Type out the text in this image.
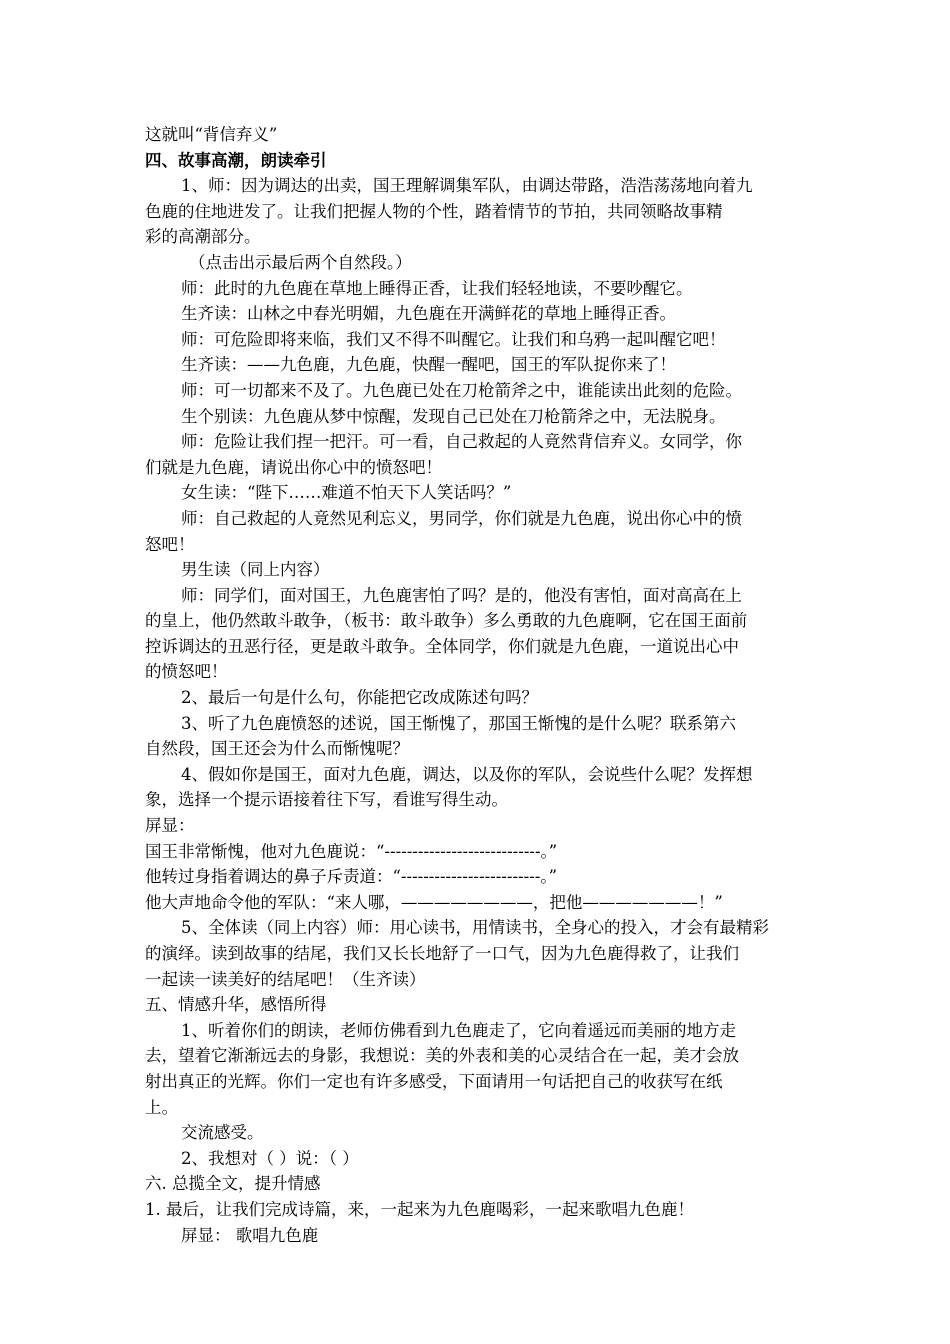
这就叫“背信弃义”
四、故事高潮，朗读牵引
1、师：因为调达的出卖，国王理解调集军队，由调达带路，浩浩荡荡地向着九
色鹿的住地进发了。让我们把握人物的个性，踏着情节的节拍，共同领略故事精
彩的高潮部分。
（点击出示最后两个自然段。）
师：此时的九色鹿在草地上睡得正香，让我们轻轻地读，不要吵醒它。
生齐读：山林之中春光明媚，九色鹿在开满鲜花的草地上睡得正香。
师：可危险即将来临，我们又不得不叫醒它。让我们和乌鸦一起叫醒它吧！
生齐读：——九色鹿，九色鹿，快醒一醒吧，国王的军队捉你来了！
师：可一切都来不及了。九色鹿已处在刀枪箭斧之中，谁能读出此刻的危险。
生个别读：九色鹿从梦中惊醒，发现自己已处在刀枪箭斧之中，无法脱身。
师：危险让我们捏一把汗。可一看，自己救起的人竟然背信弃义。女同学，你
们就是九色鹿，请说出你心中的愤怒吧！
女生读：“陛下……难道不怕天下人笑话吗？”
师：自己救起的人竟然见利忘义，男同学，你们就是九色鹿，说出你心中的愤
怒吧！
男生读（同上内容）
师：同学们，面对国王，九色鹿害怕了吗？是的，他没有害怕，面对高高在上
的皇上，他仍然敢斗敢争，（板书：敢斗敢争）多么勇敢的九色鹿啊，它在国王面前
控诉调达的丑恶行径，更是敢斗敢争。全体同学，你们就是九色鹿，一道说出心中
的愤怒吧！
2、最后一句是什么句，你能把它改成陈述句吗？
3、听了九色鹿愤怒的述说，国王惭愧了，那国王惭愧的是什么呢？联系第六
自然段，国王还会为什么而惭愧呢？
4、假如你是国王，面对九色鹿，调达，以及你的军队，会说些什么呢？发挥想
象，选择一个提示语接着往下写，看谁写得生动。
屏显：
国王非常惭愧，他对九色鹿说：“----------------------------。”
他转过身指着调达的鼻子斥责道：“-------------------------。”
他大声地命令他的军队：“来人哪，————————，把他———————！”
5、全体读（同上内容）师：用心读书，用情读书，全身心的投入，才会有最精彩
的演绎。读到故事的结尾，我们又长长地舒了一口气，因为九色鹿得救了，让我们
一起读一读美好的结尾吧！（生齐读）
五、情感升华，感悟所得
1、听着你们的朗读，老师仿佛看到九色鹿走了，它向着遥远而美丽的地方走
去，望着它渐渐远去的身影，我想说：美的外表和美的心灵结合在一起，美才会放
射出真正的光辉。你们一定也有许多感受，下面请用一句话把自己的收获写在纸
上。
交流感受。
2、我想对（ ）说：（ ）
六. 总揽全文，提升情感
1. 最后，让我们完成诗篇，来，一起来为九色鹿喝彩，一起来歌唱九色鹿！
屏显： 歌唱九色鹿
